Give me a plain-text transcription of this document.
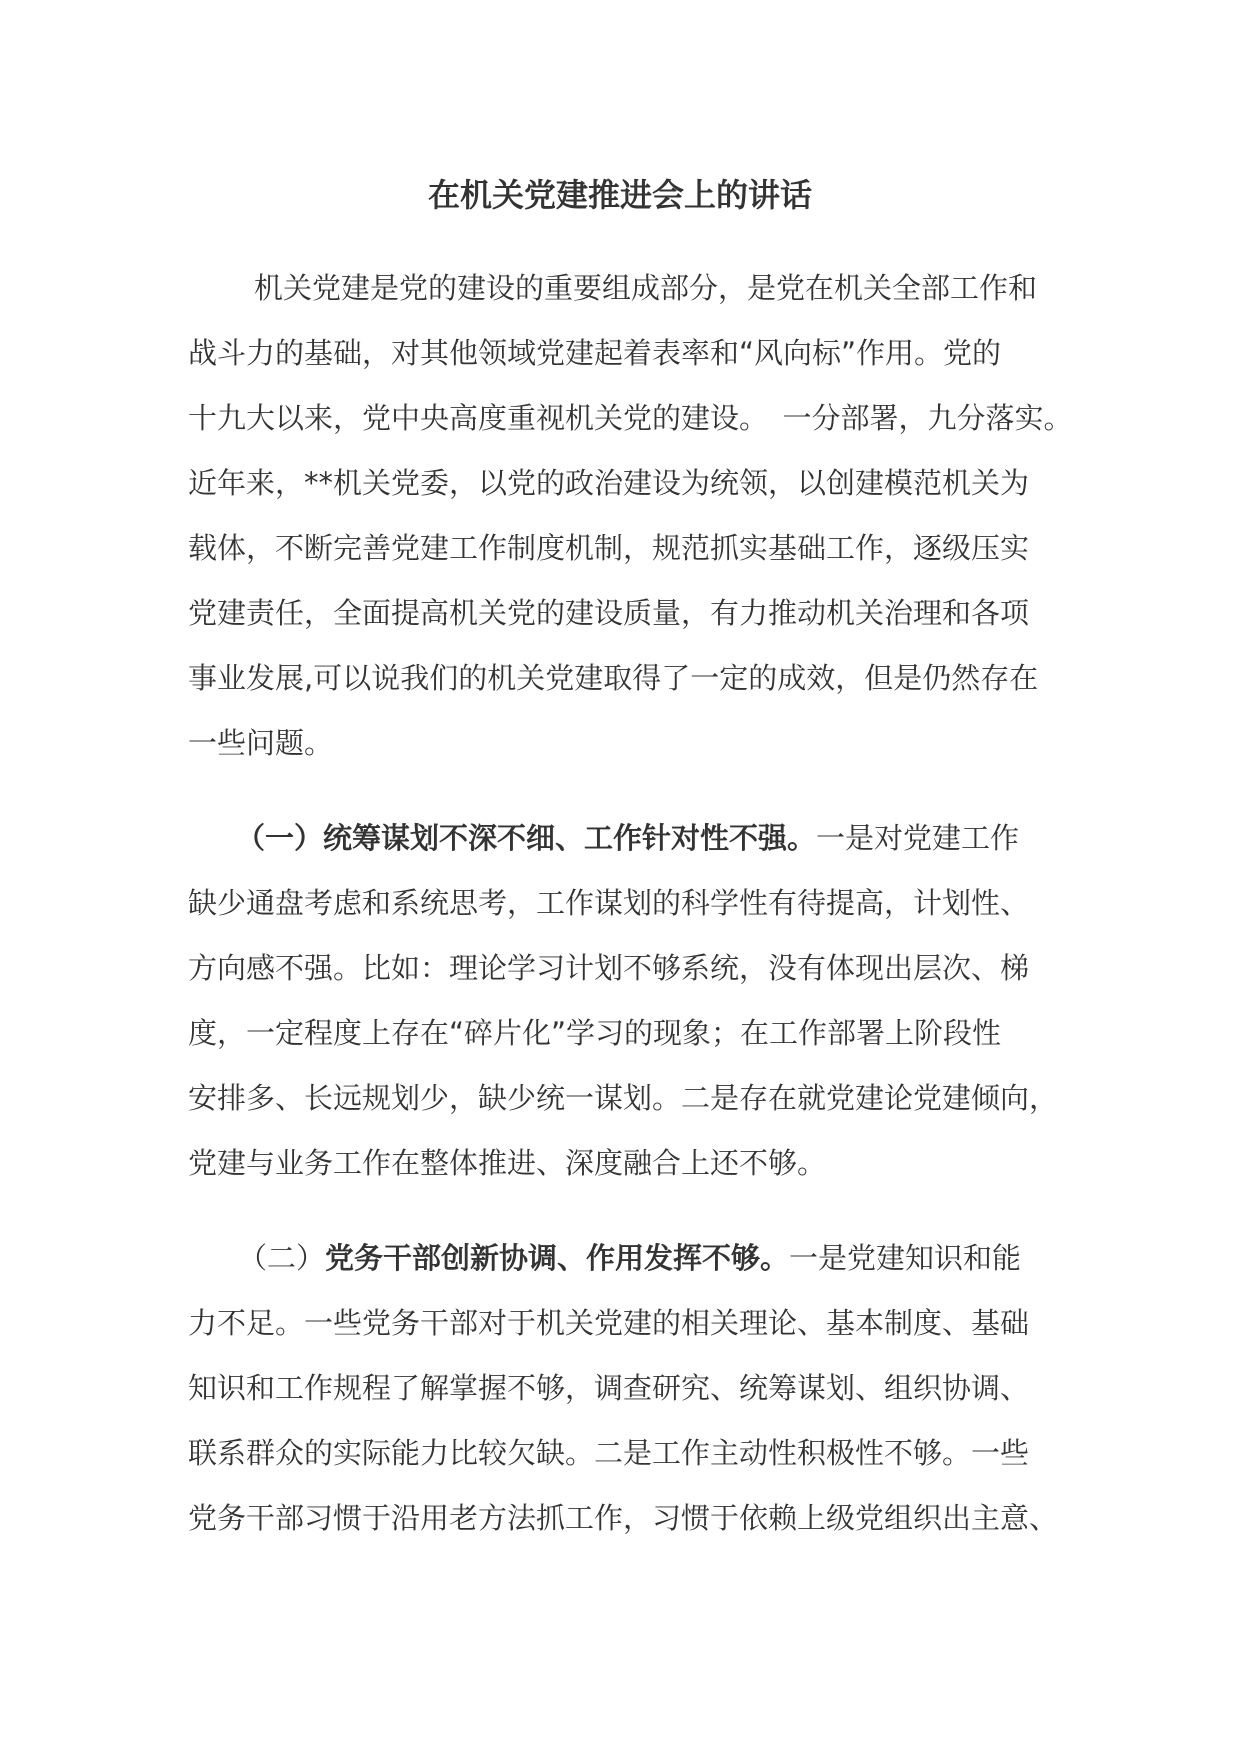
在机关党建推进会上的讲话
机关党建是党的建设的重要组成部分，是党在机关全部工作和
战斗力的基础，对其他领域党建起着表率和“风向标”作用。党的
十九大以来，党中央高度重视机关党的建设。　一分部署，九分落实。
近年来，**机关党委，以党的政治建设为统领，以创建模范机关为
载体，不断完善党建工作制度机制，规范抓实基础工作，逐级压实
党建责任，全面提高机关党的建设质量，有力推动机关治理和各项
事业发展,可以说我们的机关党建取得了一定的成效，但是仍然存在
一些问题。
（一）统筹谋划不深不细、工作针对性不强。一是对党建工作
缺少通盘考虑和系统思考，工作谋划的科学性有待提高，计划性、
方向感不强。比如：理论学习计划不够系统，没有体现出层次、梯
度，一定程度上存在“碎片化”学习的现象；在工作部署上阶段性
安排多、长远规划少，缺少统一谋划。二是存在就党建论党建倾向，
党建与业务工作在整体推进、深度融合上还不够。
（二）党务干部创新协调、作用发挥不够。一是党建知识和能
力不足。一些党务干部对于机关党建的相关理论、基本制度、基础
知识和工作规程了解掌握不够，调查研究、统筹谋划、组织协调、
联系群众的实际能力比较欠缺。二是工作主动性积极性不够。一些
党务干部习惯于沿用老方法抓工作，习惯于依赖上级党组织出主意、
